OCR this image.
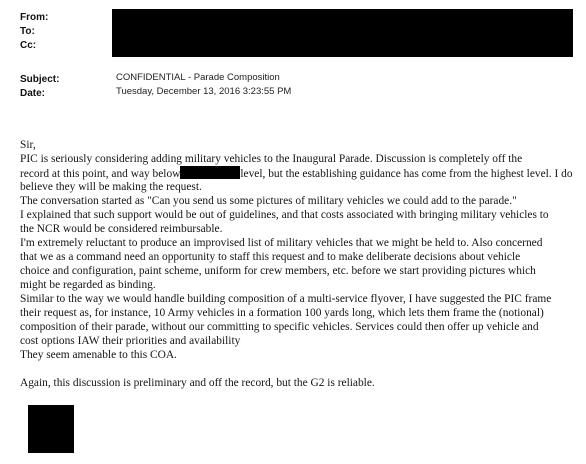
From:
To:
Cc:
Subject:
Date:
CONFIDENTIAL - Parade Composition
Tuesday, December 13, 2016 3:23:55 PM
Sir,
PIC is seriously considering adding military vehicles to the Inaugural Parade. Discussion is completely off the
record at this point, and way below	level, but the establishing guidance has come from the highest level. I do
believe they will be making the request.
The conversation started as "Can you send us some pictures of military vehicles we could add to the parade."
I explained that such support would be out of guidelines, and that costs associated with bringing military vehicles to
the NCR would be considered reimbursable.
I'm extremely reluctant to produce an improvised list of military vehicles that we might be held to. Also concerned
that we as a command need an opportunity to staff this request and to make deliberate decisions about vehicle
choice and configuration, paint scheme, uniform for crew members, etc. before we start providing pictures which
might be regarded as binding.
Similar to the way we would handle building composition of a multi-service flyover, I have suggested the PIC frame
their request as, for instance, 10 Army vehicles in a formation 100 yards long, which lets them frame the (notional)
composition of their parade, without our committing to specific vehicles. Services could then offer up vehicle and
cost options IAW their priorities and availability
They seem amenable to this COA.
Again, this discussion is preliminary and off the record, but the G2 is reliable.
